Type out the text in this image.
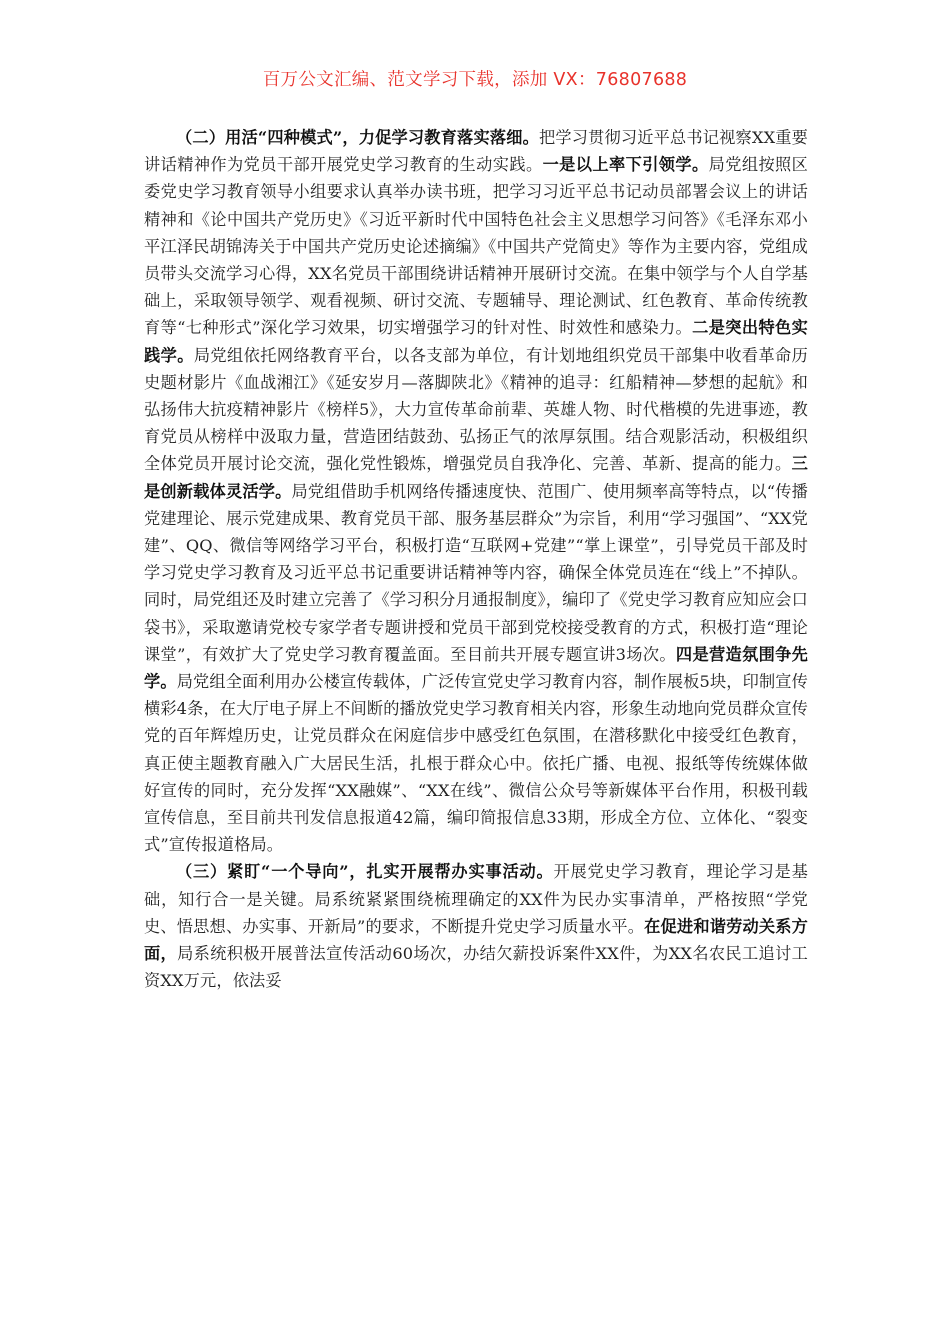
百万公文汇编、范文学习下载，添加 VX：76807688

（二）用活“四种模式”，力促学习教育落实落细。把学习贯彻习近平总书记视察XX重要讲话精神作为党员干部开展党史学习教育的生动实践。一是以上率下引领学。局党组按照区委党史学习教育领导小组要求认真举办读书班，把学习习近平总书记动员部署会议上的讲话精神和《论中国共产党历史》《习近平新时代中国特色社会主义思想学习问答》《毛泽东邓小平江泽民胡锦涛关于中国共产党历史论述摘编》《中国共产党简史》等作为主要内容，党组成员带头交流学习心得，XX名党员干部围绕讲话精神开展研讨交流。在集中领学与个人自学基础上，采取领导领学、观看视频、研讨交流、专题辅导、理论测试、红色教育、革命传统教育等“七种形式”深化学习效果，切实增强学习的针对性、时效性和感染力。二是突出特色实践学。局党组依托网络教育平台，以各支部为单位，有计划地组织党员干部集中收看革命历史题材影片《血战湘江》《延安岁月—落脚陕北》《精神的追寻：红船精神—梦想的起航》和弘扬伟大抗疫精神影片《榜样5》，大力宣传革命前辈、英雄人物、时代楷模的先进事迹，教育党员从榜样中汲取力量，营造团结鼓劲、弘扬正气的浓厚氛围。结合观影活动，积极组织全体党员开展讨论交流，强化党性锻炼，增强党员自我净化、完善、革新、提高的能力。三是创新载体灵活学。局党组借助手机网络传播速度快、范围广、使用频率高等特点，以“传播党建理论、展示党建成果、教育党员干部、服务基层群众”为宗旨，利用“学习强国”、“XX党建”、QQ、微信等网络学习平台，积极打造“互联网+党建”“掌上课堂”，引导党员干部及时学习党史学习教育及习近平总书记重要讲话精神等内容，确保全体党员连在“线上”不掉队。同时，局党组还及时建立完善了《学习积分月通报制度》，编印了《党史学习教育应知应会口袋书》，采取邀请党校专家学者专题讲授和党员干部到党校接受教育的方式，积极打造“理论课堂”，有效扩大了党史学习教育覆盖面。至目前共开展专题宣讲3场次。四是营造氛围争先学。局党组全面利用办公楼宣传载体，广泛传宣党史学习教育内容，制作展板5块，印制宣传横彩4条，在大厅电子屏上不间断的播放党史学习教育相关内容，形象生动地向党员群众宣传党的百年辉煌历史，让党员群众在闲庭信步中感受红色氛围，在潜移默化中接受红色教育，真正使主题教育融入广大居民生活，扎根于群众心中。依托广播、电视、报纸等传统媒体做好宣传的同时，充分发挥“XX融媒”、“XX在线”、微信公众号等新媒体平台作用，积极刊载宣传信息，至目前共刊发信息报道42篇，编印简报信息33期，形成全方位、立体化、“裂变式”宣传报道格局。

（三）紧盯“一个导向”，扎实开展帮办实事活动。开展党史学习教育，理论学习是基础，知行合一是关键。局系统紧紧围绕梳理确定的XX件为民办实事清单，严格按照“学党史、悟思想、办实事、开新局”的要求，不断提升党史学习质量水平。在促进和谐劳动关系方面，局系统积极开展普法宣传活动60场次，办结欠薪投诉案件XX件，为XX名农民工追讨工资XX万元，依法妥
